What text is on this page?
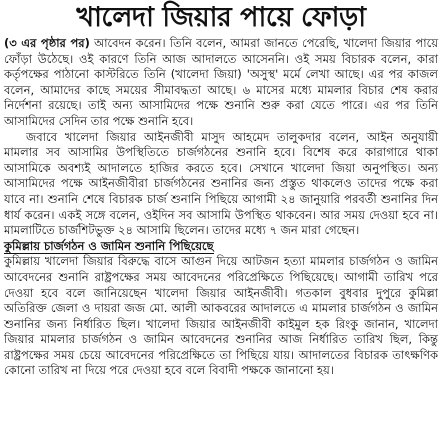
খালেদা জিয়ার পায়ে ফোড়া

(৩ এর পৃষ্ঠার পর) আবেদন করেন। তিনি বলেন, আমরা জানতে পেরেছি, খালেদা জিয়ার পায়ে ফোঁড়া উঠেছে। ওই কারণে তিনি আজ আদালতে আসেননি। ওই সময় বিচারক বলেন, কারা কর্তৃপক্ষের পাঠানো কাস্টরিতে তিনি (খালেদা জিয়া) 'অসুস্থ' মর্মে লেখা আছে। এর পর কাজল বলেন, আমাদের কাছে সময়ের সীমাবদ্ধতা আছে। ৬ মাসের মধ্যে মামলার বিচার শেষ করার নির্দেশনা রয়েছে। তাই অন্য আসামিদের পক্ষে শুনানি শুরু করা যেতে পারে। এর পর তিনি আসামিদের সেদিন তার পক্ষে শুনানি হবে।

জবাবে খালেদা জিয়ার আইনজীবী মাসুদ আহমেদ তালুকদার বলেন, আইন অনুযায়ী মামলার সব আসামির উপস্থিতিতে চার্জগঠনের শুনানি হবে। বিশেষ করে কারাগারে থাকা আসামিকে অবশ্যই আদালতে হাজির করতে হবে। সেখানে খালেদা জিয়া অনুপস্থিত। অন্য আসামিদের পক্ষে আইনজীবীরা চার্জগঠনের শুনানির জন্য প্রস্তুত থাকলেও তাদের পক্ষে করা যাবে না। শুনানি শেষে বিচারক চার্জ শুনানি পিছিয়ে আগামী ২৪ জানুয়ারি পরবর্তী শুনানির দিন ধার্য করেন। একই সঙ্গে বলেন, ওইদিন সব আসামি উপস্থিত থাকবেন। আর সময় দেওয়া হবে না। মামলাটিতে চার্জশিটভুক্ত ২৪ আসামি ছিলেন। তাদের মধ্যে ৭ জন মারা গেছেন।

কুমিল্লায় চার্জগঠন ও জামিন শুনানি পিছিয়েছে

কুমিল্লায় খালেদা জিয়ার বিরুদ্ধে বাসে আগুন দিয়ে আটজন হত্যা মামলার চার্জগঠন ও জামিন আবেদনের শুনানি রাষ্ট্রপক্ষের সময় আবেদনের পরিপ্রেক্ষিতে পিছিয়েছে। আগামী তারিখ পরে দেওয়া হবে বলে জানিয়েছেন খালেদা জিয়ার আইনজীবী। গতকাল বুধবার দুপুরে কুমিল্লা অতিরিক্ত জেলা ও দায়রা জজ মো. আলী আকবরের আদালতে এ মামলার চার্জগঠন ও জামিন শুনানির জন্য নির্ধারিত ছিল। খালেদা জিয়ার আইনজীবী কাইমুল হক রিংকু জানান, খালেদা জিয়ার মামলার চার্জগঠন ও জামিন আবেদনের শুনানির আজ নির্ধারিত তারিখ ছিল, কিন্তু রাষ্ট্রপক্ষের সময় চেয়ে আবেদনের পরিপ্রেক্ষিতে তা পিছিয়ে যায়। আদালতের বিচারক তাৎক্ষণিক কোনো তারিখ না দিয়ে পরে দেওয়া হবে বলে বিবাদী পক্ষকে জানানো হয়।
